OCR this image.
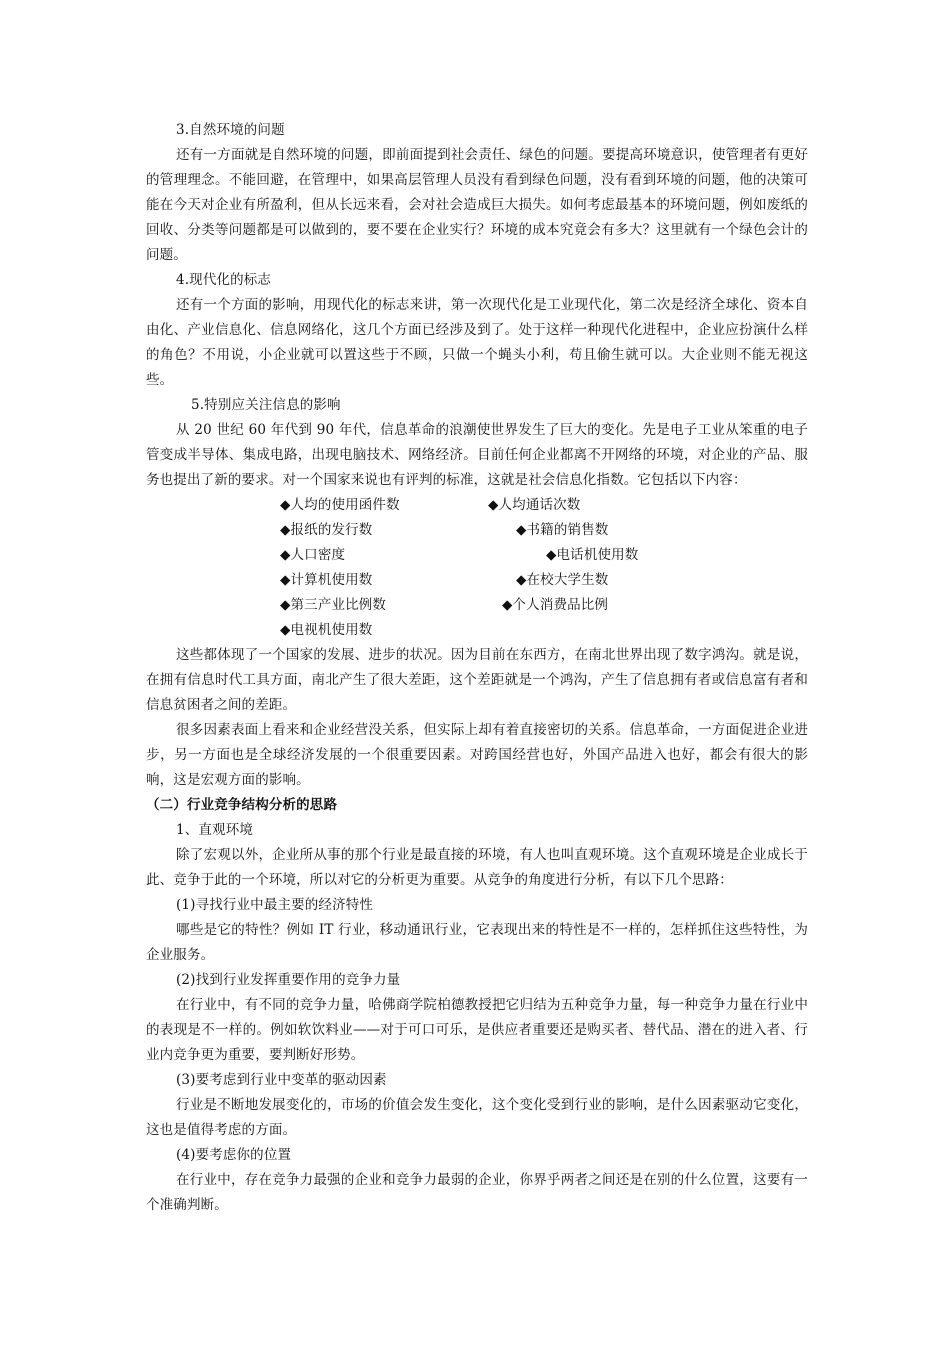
3.自然环境的问题

还有一方面就是自然环境的问题，即前面提到社会责任、绿色的问题。要提高环境意识，使管理者有更好的管理理念。不能回避，在管理中，如果高层管理人员没有看到绿色问题，没有看到环境的问题，他的决策可能在今天对企业有所盈利，但从长远来看，会对社会造成巨大损失。如何考虑最基本的环境问题，例如废纸的回收、分类等问题都是可以做到的，要不要在企业实行？环境的成本究竟会有多大？这里就有一个绿色会计的问题。

4.现代化的标志

还有一个方面的影响，用现代化的标志来讲，第一次现代化是工业现代化，第二次是经济全球化、资本自由化、产业信息化、信息网络化，这几个方面已经涉及到了。处于这样一种现代化进程中，企业应扮演什么样的角色？不用说，小企业就可以置这些于不顾，只做一个蝇头小利，苟且偷生就可以。大企业则不能无视这些。

5.特别应关注信息的影响

从 20 世纪 60 年代到 90 年代，信息革命的浪潮使世界发生了巨大的变化。先是电子工业从笨重的电子管变成半导体、集成电路，出现电脑技术、网络经济。目前任何企业都离不开网络的环境，对企业的产品、服务也提出了新的要求。对一个国家来说也有评判的标准，这就是社会信息化指数。它包括以下内容：

◆人均的使用函件数	◆人均通话次数
◆报纸的发行数	◆书籍的销售数
◆人口密度	◆电话机使用数
◆计算机使用数	◆在校大学生数
◆第三产业比例数	◆个人消费品比例
◆电视机使用数

这些都体现了一个国家的发展、进步的状况。因为目前在东西方，在南北世界出现了数字鸿沟。就是说，在拥有信息时代工具方面，南北产生了很大差距，这个差距就是一个鸿沟，产生了信息拥有者或信息富有者和信息贫困者之间的差距。

很多因素表面上看来和企业经营没关系，但实际上却有着直接密切的关系。信息革命，一方面促进企业进步，另一方面也是全球经济发展的一个很重要因素。对跨国经营也好，外国产品进入也好，都会有很大的影响，这是宏观方面的影响。

（二）行业竞争结构分析的思路

1、直观环境

除了宏观以外，企业所从事的那个行业是最直接的环境，有人也叫直观环境。这个直观环境是企业成长于此、竞争于此的一个环境，所以对它的分析更为重要。从竞争的角度进行分析，有以下几个思路：

(1)寻找行业中最主要的经济特性

哪些是它的特性？例如 IT 行业，移动通讯行业，它表现出来的特性是不一样的，怎样抓住这些特性，为企业服务。

(2)找到行业发挥重要作用的竞争力量

在行业中，有不同的竞争力量，哈佛商学院柏德教授把它归结为五种竞争力量，每一种竞争力量在行业中的表现是不一样的。例如软饮料业——对于可口可乐，是供应者重要还是购买者、替代品、潜在的进入者、行业内竞争更为重要，要判断好形势。

(3)要考虑到行业中变革的驱动因素

行业是不断地发展变化的，市场的价值会发生变化，这个变化受到行业的影响，是什么因素驱动它变化，这也是值得考虑的方面。

(4)要考虑你的位置

在行业中，存在竞争力最强的企业和竞争力最弱的企业，你界乎两者之间还是在别的什么位置，这要有一个准确判断。
